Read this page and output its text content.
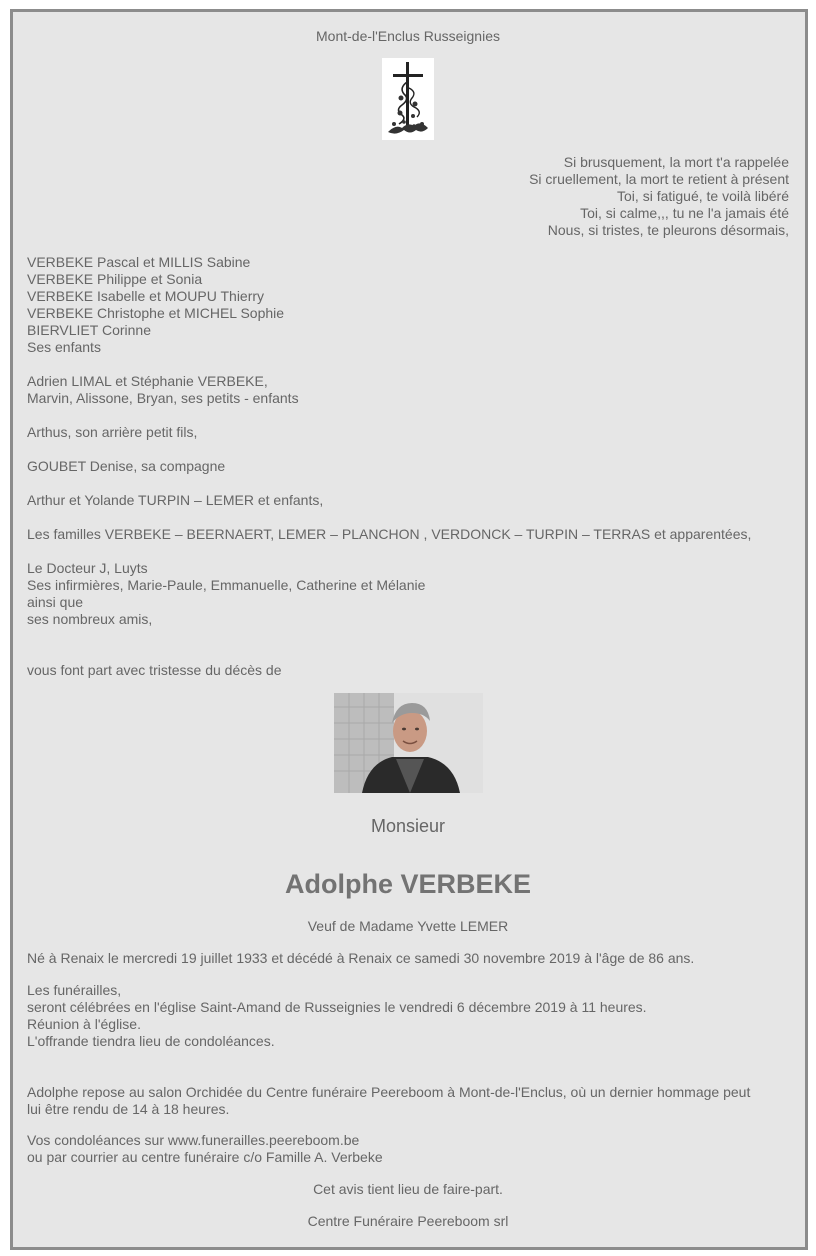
Mont-de-l'Enclus Russeignies
Si brusquement, la mort t'a rappelée
Si cruellement, la mort te retient à présent
Toi, si fatigué, te voilà libéré
Toi, si calme,,, tu ne l'a jamais été
Nous, si tristes, te pleurons désormais,
VERBEKE Pascal et MILLIS Sabine
VERBEKE Philippe et Sonia
VERBEKE Isabelle et MOUPU Thierry
VERBEKE Christophe et MICHEL Sophie
BIERVLIET Corinne
Ses enfants
Adrien LIMAL et Stéphanie VERBEKE,
Marvin, Alissone, Bryan, ses petits - enfants
Arthus, son arrière petit fils,
GOUBET Denise, sa compagne
Arthur et Yolande TURPIN – LEMER et enfants,
Les familles VERBEKE – BEERNAERT, LEMER – PLANCHON , VERDONCK – TURPIN – TERRAS et apparentées,
Le Docteur J, Luyts
Ses infirmières, Marie-Paule, Emmanuelle, Catherine et Mélanie
ainsi que
ses nombreux amis,
vous font part avec tristesse du décès de
Monsieur
Adolphe VERBEKE
Veuf de Madame Yvette LEMER
Né à Renaix le mercredi 19 juillet 1933 et décédé à Renaix ce samedi 30 novembre 2019 à l'âge de 86 ans.
Les funérailles,
seront célébrées en l'église Saint-Amand de Russeignies le vendredi 6 décembre 2019 à 11 heures.
Réunion à l'église.
L'offrande tiendra lieu de condoléances.
Adolphe repose au salon Orchidée du Centre funéraire Peereboom à Mont-de-l'Enclus, où un dernier hommage peut
lui être rendu de 14 à 18 heures.
Vos condoléances sur www.funerailles.peereboom.be
ou par courrier au centre funéraire c/o Famille A. Verbeke
Cet avis tient lieu de faire-part.
Centre Funéraire Peereboom srl
